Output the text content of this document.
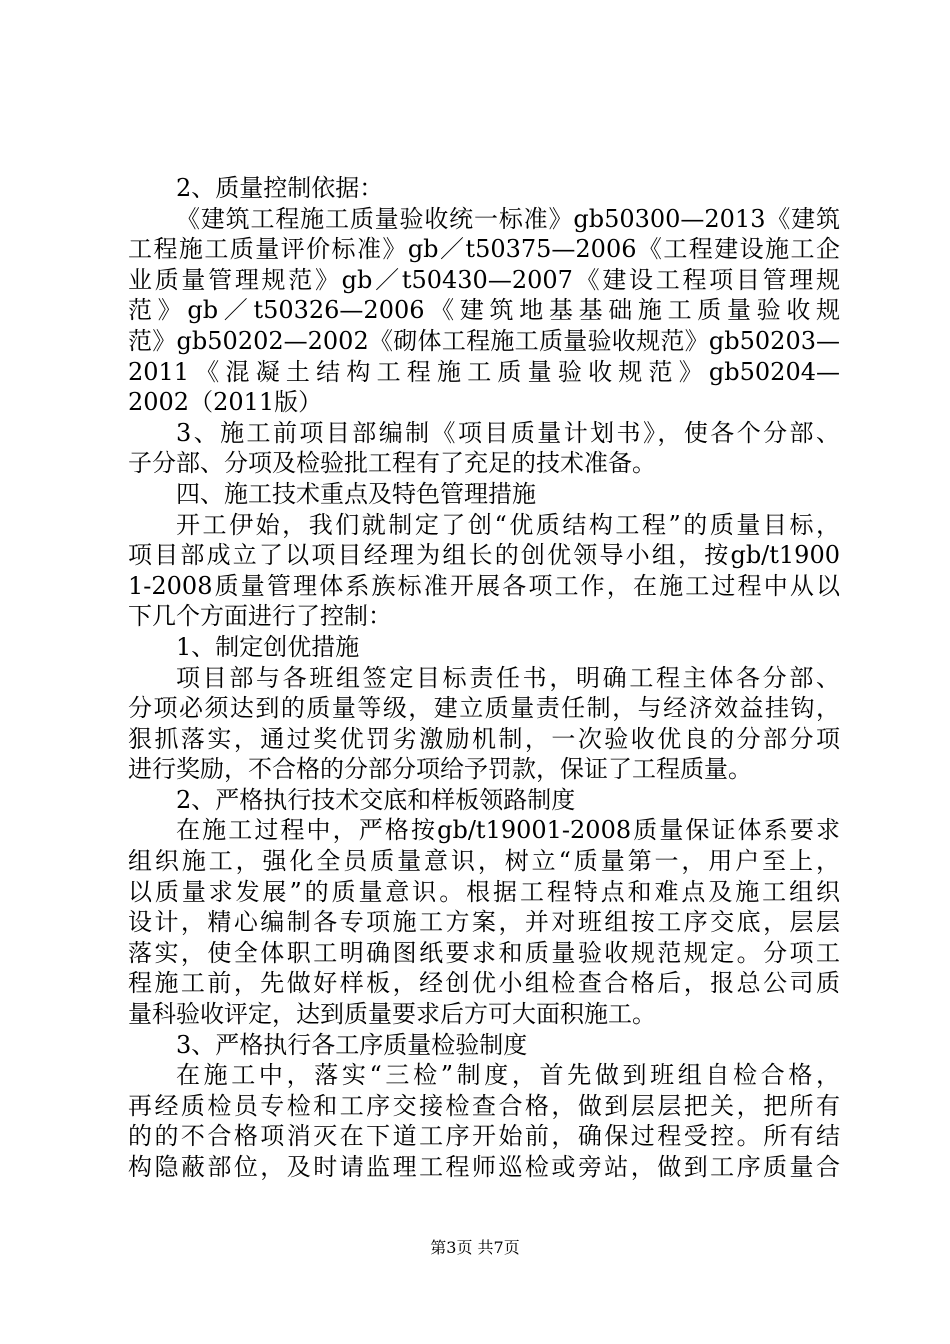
2、质量控制依据：
《建筑工程施工质量验收统一标准》gb50300—2013《建筑
工程施工质量评价标准》gb／t50375—2006《工程建设施工企
业质量管理规范》gb／t50430—2007《建设工程项目管理规
范》gb／t50326—2006《建筑地基基础施工质量验收规
范》gb50202—2002《砌体工程施工质量验收规范》gb50203—
2011《混凝土结构工程施工质量验收规范》gb50204—
2002（2011版）
3、施工前项目部编制《项目质量计划书》，使各个分部、
子分部、分项及检验批工程有了充足的技术准备。
四、施工技术重点及特色管理措施
开工伊始，我们就制定了创“优质结构工程”的质量目标，
项目部成立了以项目经理为组长的创优领导小组，按gb/t1900
1-2008质量管理体系族标准开展各项工作，在施工过程中从以
下几个方面进行了控制：
1、制定创优措施
项目部与各班组签定目标责任书，明确工程主体各分部、
分项必须达到的质量等级，建立质量责任制，与经济效益挂钩，
狠抓落实，通过奖优罚劣激励机制，一次验收优良的分部分项
进行奖励，不合格的分部分项给予罚款，保证了工程质量。
2、严格执行技术交底和样板领路制度
在施工过程中，严格按gb/t19001-2008质量保证体系要求
组织施工，强化全员质量意识，树立“质量第一，用户至上，
以质量求发展”的质量意识。根据工程特点和难点及施工组织
设计，精心编制各专项施工方案，并对班组按工序交底，层层
落实，使全体职工明确图纸要求和质量验收规范规定。分项工
程施工前，先做好样板，经创优小组检查合格后，报总公司质
量科验收评定，达到质量要求后方可大面积施工。
3、严格执行各工序质量检验制度
在施工中，落实“三检”制度，首先做到班组自检合格，
再经质检员专检和工序交接检查合格，做到层层把关，把所有
的的不合格项消灭在下道工序开始前，确保过程受控。所有结
构隐蔽部位，及时请监理工程师巡检或旁站，做到工序质量合
第3页 共7页
